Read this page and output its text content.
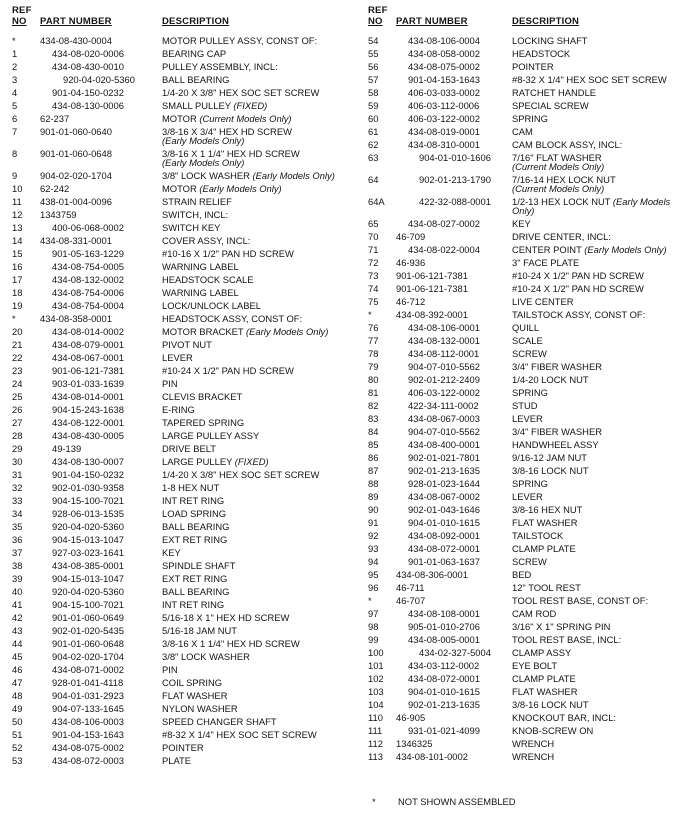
REF
NO PART NUMBER	DESCRIPTION
*	434-08-430-0004	MOTOR PULLEY ASSY, CONST OF:
1	434-08-020-0006	BEARING CAP
2	434-08-430-0010	PULLEY ASSEMBLY, INCL:
3	920-04-020-5360	BALL BEARING
4	901-04-150-0232	1/4-20 X 3/8" HEX SOC SET SCREW
5	434-08-130-0006	SMALL PULLEY (FIXED)
6 62-237	MOTOR (Current Models Only)
7 901-01-060-0640	3/8-16 X 3/4" HEX HD SCREW
(Early Models Only)
8 901-01-060-0648	3/8-16 X 1 1/4" HEX HD SCREW
(Early Models Only)
9 904-02-020-1704	3/8" LOCK WASHER (Early Models Only)
10 62-242	MOTOR (Early Models Only)
11 438-01-004-0096	STRAIN RELIEF
12 1343759	SWITCH, INCL:
13	400-06-068-0002	SWITCH KEY
14 434-08-331-0001	COVER ASSY, INCL:
15	901-05-163-1229	#10-16 X 1/2" PAN HD SCREW
16	434-08-754-0005	WARNING LABEL
17	434-08-132-0002	HEADSTOCK SCALE
18	434-08-754-0006	WARNING LABEL
19	434-08-754-0004	LOCK/UNLOCK LABEL
*	434-08-358-0001	HEADSTOCK ASSY, CONST OF:
20	434-08-014-0002	MOTOR BRACKET (Early Models Only)
21	434-08-079-0001	PIVOT NUT
22	434-08-067-0001	LEVER
23	901-06-121-7381	#10-24 X 1/2" PAN HD SCREW
24	903-01-033-1639	PIN
25	434-08-014-0001	CLEVIS BRACKET
26	904-15-243-1638	E-RING
27	434-08-122-0001	TAPERED SPRING
28	434-08-430-0005	LARGE PULLEY ASSY
29	49-139	DRIVE BELT
30	434-08-130-0007	LARGE PULLEY (FIXED)
31	901-04-150-0232	1/4-20 X 3/8" HEX SOC SET SCREW
32	902-01-030-9358	1-8 HEX NUT
33	904-15-100-7021	INT RET RING
34	928-06-013-1535	LOAD SPRING
35	920-04-020-5360	BALL BEARING
36	904-15-013-1047	EXT RET RING
37	927-03-023-1641	KEY
38	434-08-385-0001	SPINDLE SHAFT
39	904-15-013-1047	EXT RET RING
40	920-04-020-5360	BALL BEARING
41	904-15-100-7021	INT RET RING
42	901-01-060-0649	5/16-18 X 1" HEX HD SCREW
43	902-01-020-5435	5/16-18 JAM NUT
44	901-01-060-0648	3/8-16 X 1 1/4" HEX HD SCREW
45	904-02-020-1704	3/8" LOCK WASHER
46	434-08-071-0002	PIN
47	928-01-041-4118	COIL SPRING
48	904-01-031-2923	FLAT WASHER
49	904-07-133-1645	NYLON WASHER
50	434-08-106-0003	SPEED CHANGER SHAFT
51	901-04-153-1643	#8-32 X 1/4" HEX SOC SET SCREW
52	434-08-075-0002	POINTER
53	434-08-072-0003	PLATE
REF
NO PART NUMBER	DESCRIPTION
54	434-08-106-0004	LOCKING SHAFT
55	434-08-058-0002	HEADSTOCK
56	434-08-075-0002	POINTER
57	901-04-153-1643	#8-32 X 1/4" HEX SOC SET SCREW
58	406-03-033-0002	RATCHET HANDLE
59	406-03-112-0006	SPECIAL SCREW
60	406-03-122-0002	SPRING
61	434-08-019-0001	CAM
62	434-08-310-0001	CAM BLOCK ASSY, INCL:
63	904-01-010-1606 7/16" FLAT WASHER
(Current Models Only)
64	902-01-213-1790 7/16-14 HEX LOCK NUT
(Current Models Only)
64A	422-32-088-0001 1/2-13 HEX LOCK NUT (Early Models
Only)
65	434-08-027-0002	KEY
70 46-709	DRIVE CENTER, INCL:
71	434-08-022-0004	CENTER POINT (Early Models Only)
72 46-936	3" FACE PLATE
73 901-06-121-7381	#10-24 X 1/2" PAN HD SCREW
74 901-06-121-7381	#10-24 X 1/2" PAN HD SCREW
75 46-712	LIVE CENTER
*	434-08-392-0001	TAILSTOCK ASSY, CONST OF:
76	434-08-106-0001	QUILL
77	434-08-132-0001	SCALE
78	434-08-112-0001	SCREW
79	904-07-010-5562	3/4" FIBER WASHER
80	902-01-212-2409	1/4-20 LOCK NUT
81	406-03-122-0002	SPRING
82	422-34-111-0002	STUD
83	434-08-067-0003	LEVER
84	904-07-010-5562	3/4" FIBER WASHER
85	434-08-400-0001	HANDWHEEL ASSY
86	902-01-021-7801	9/16-12 JAM NUT
87	902-01-213-1635	3/8-16 LOCK NUT
88	928-01-023-1644	SPRING
89	434-08-067-0002	LEVER
90	902-01-043-1646	3/8-16 HEX NUT
91	904-01-010-1615	FLAT WASHER
92	434-08-092-0001	TAILSTOCK
93	434-08-072-0001	CLAMP PLATE
94	901-01-063-1637	SCREW
95 434-08-306-0001	BED
96 46-711	12" TOOL REST
*	46-707	TOOL REST BASE, CONST OF:
97	434-08-108-0001	CAM ROD
98	905-01-010-2706	3/16" X 1" SPRING PIN
99	434-08-005-0001	TOOL REST BASE, INCL:
100	434-02-327-5004 CLAMP ASSY
101	434-03-112-0002	EYE BOLT
102	434-08-072-0001	CLAMP PLATE
103	904-01-010-1615	FLAT WASHER
104	902-01-213-1635	3/8-16 LOCK NUT
110 46-905	KNOCKOUT BAR, INCL:
111	931-01-021-4099	KNOB-SCREW ON
112 1346325	WRENCH
113 434-08-101-0002	WRENCH
* NOT SHOWN ASSEMBLED
